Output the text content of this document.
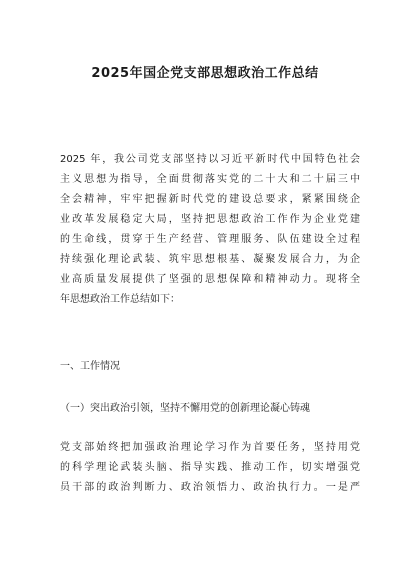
2025年国企党支部思想政治工作总结
2025 年，我公司党支部坚持以习近平新时代中国特色社会
主义思想为指导，全面贯彻落实党的二十大和二十届三中
全会精神，牢牢把握新时代党的建设总要求，紧紧围绕企
业改革发展稳定大局，坚持把思想政治工作作为企业党建
的生命线，贯穿于生产经营、管理服务、队伍建设全过程
持续强化理论武装、筑牢思想根基、凝聚发展合力，为企
业高质量发展提供了坚强的思想保障和精神动力。现将全
年思想政治工作总结如下：

一、工作情况

（一）突出政治引领，坚持不懈用党的创新理论凝心铸魂

党支部始终把加强政治理论学习作为首要任务，坚持用党
的科学理论武装头脑、指导实践、推动工作，切实增强党
员干部的政治判断力、政治领悟力、政治执行力。一是严
